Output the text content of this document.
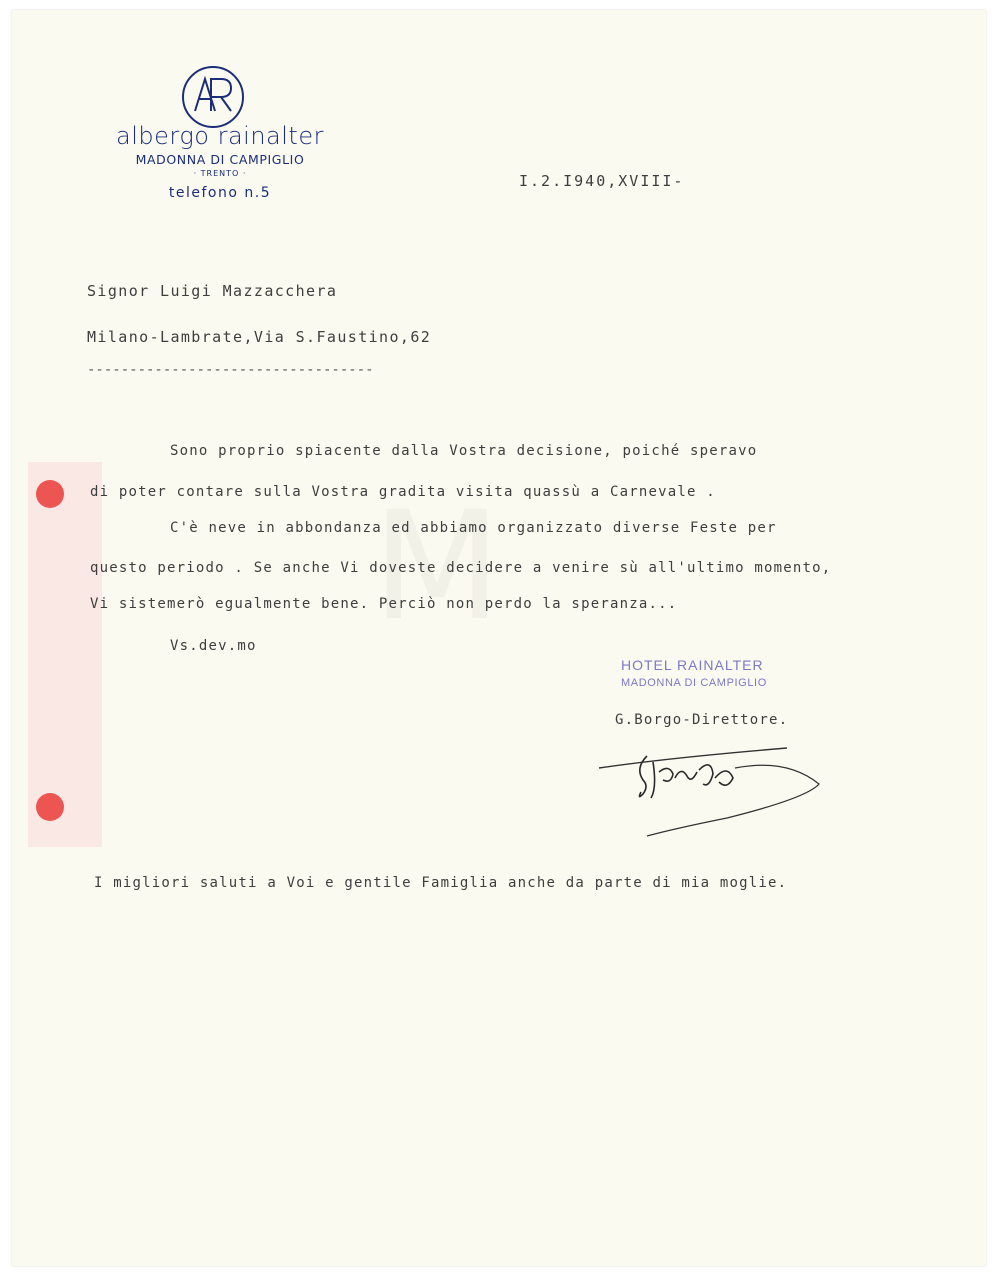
albergo rainalter
MADONNA DI CAMPIGLIO
· TRENTO ·
telefono n.5
I.2.I940,XVIII-
Signor Luigi Mazzacchera
Milano-Lambrate,Via S.Faustino,62
----------------------------------
Sono proprio spiacente dalla Vostra decisione, poiché speravo
di poter contare sulla Vostra gradita visita quassù a Carnevale .
C'è neve in abbondanza ed abbiamo organizzato diverse Feste per
questo periodo . Se anche Vi doveste decidere a venire sù all'ultimo momento,
Vi sistemerò egualmente bene. Perciò non perdo la speranza...
Vs.dev.mo
HOTEL RAINALTER
MADONNA DI CAMPIGLIO
G.Borgo-Direttore.
I migliori saluti a Voi e gentile Famiglia anche da parte di mia moglie.
